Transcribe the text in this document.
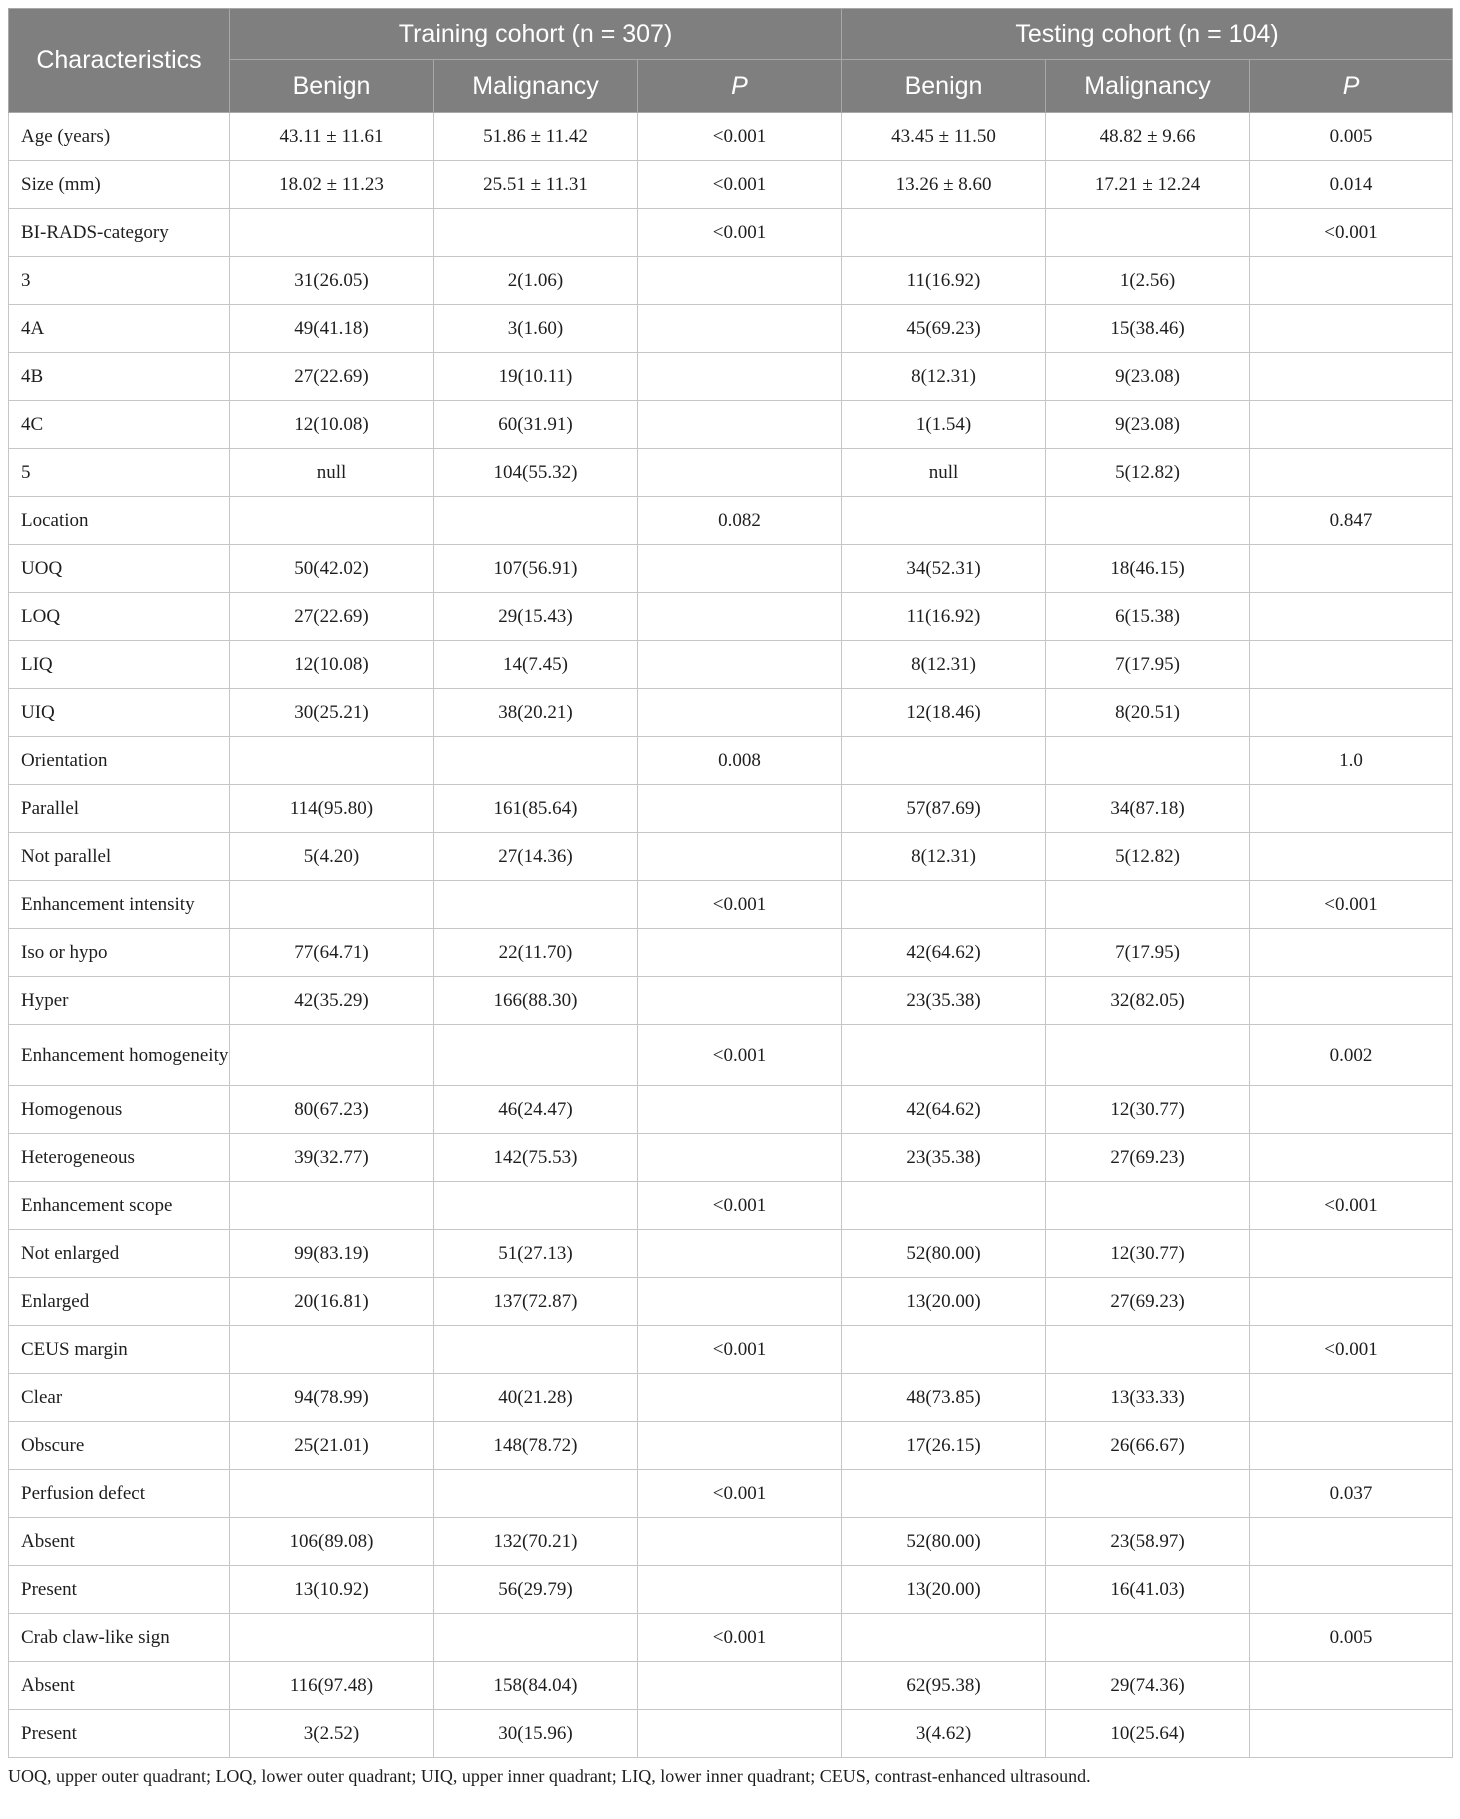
Characteristics	Training cohort (n = 307)			Testing cohort (n = 104)		
	Benign	Malignancy	P	Benign	Malignancy	P
Age (years)	43.11 ± 11.61	51.86 ± 11.42	<0.001	43.45 ± 11.50	48.82 ± 9.66	0.005
Size (mm)	18.02 ± 11.23	25.51 ± 11.31	<0.001	13.26 ± 8.60	17.21 ± 12.24	0.014
BI-RADS-category			<0.001			<0.001
3	31(26.05)	2(1.06)		11(16.92)	1(2.56)	
4A	49(41.18)	3(1.60)		45(69.23)	15(38.46)	
4B	27(22.69)	19(10.11)		8(12.31)	9(23.08)	
4C	12(10.08)	60(31.91)		1(1.54)	9(23.08)	
5	null	104(55.32)		null	5(12.82)	
Location			0.082			0.847
UOQ	50(42.02)	107(56.91)		34(52.31)	18(46.15)	
LOQ	27(22.69)	29(15.43)		11(16.92)	6(15.38)	
LIQ	12(10.08)	14(7.45)		8(12.31)	7(17.95)	
UIQ	30(25.21)	38(20.21)		12(18.46)	8(20.51)	
Orientation			0.008			1.0
Parallel	114(95.80)	161(85.64)		57(87.69)	34(87.18)	
Not parallel	5(4.20)	27(14.36)		8(12.31)	5(12.82)	
Enhancement intensity			<0.001			<0.001
Iso or hypo	77(64.71)	22(11.70)		42(64.62)	7(17.95)	
Hyper	42(35.29)	166(88.30)		23(35.38)	32(82.05)	
Enhancement homogeneity			<0.001			0.002
Homogenous	80(67.23)	46(24.47)		42(64.62)	12(30.77)	
Heterogeneous	39(32.77)	142(75.53)		23(35.38)	27(69.23)	
Enhancement scope			<0.001			<0.001
Not enlarged	99(83.19)	51(27.13)		52(80.00)	12(30.77)	
Enlarged	20(16.81)	137(72.87)		13(20.00)	27(69.23)	
CEUS margin			<0.001			<0.001
Clear	94(78.99)	40(21.28)		48(73.85)	13(33.33)	
Obscure	25(21.01)	148(78.72)		17(26.15)	26(66.67)	
Perfusion defect			<0.001			0.037
Absent	106(89.08)	132(70.21)		52(80.00)	23(58.97)	
Present	13(10.92)	56(29.79)		13(20.00)	16(41.03)	
Crab claw-like sign			<0.001			0.005
Absent	116(97.48)	158(84.04)		62(95.38)	29(74.36)	
Present	3(2.52)	30(15.96)		3(4.62)	10(25.64)	
UOQ, upper outer quadrant; LOQ, lower outer quadrant; UIQ, upper inner quadrant; LIQ, lower inner quadrant; CEUS, contrast-enhanced ultrasound.
